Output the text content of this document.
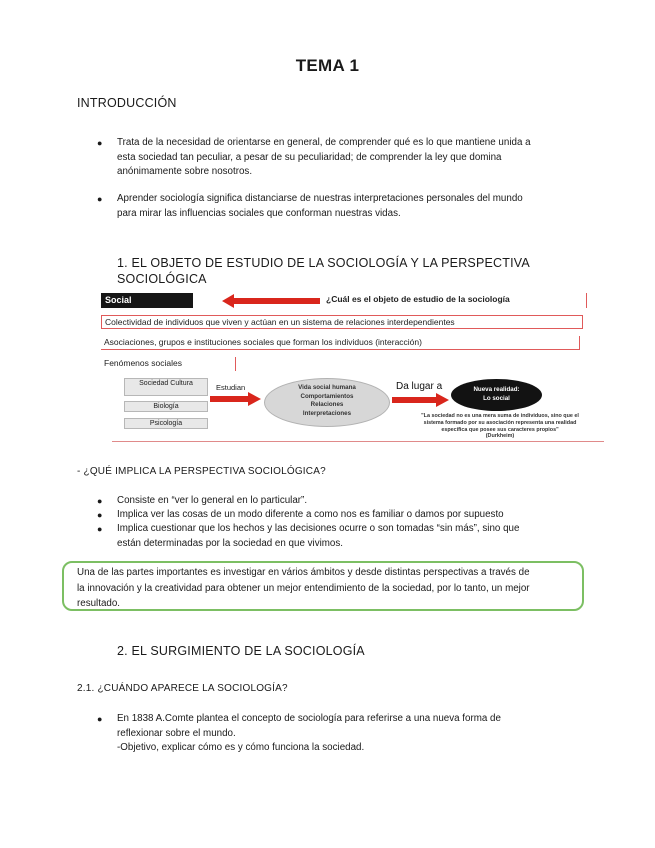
TEMA 1
INTRODUCCIÓN
● Trata de la necesidad de orientarse en general, de comprender qué es lo que mantiene unida a
esta sociedad tan peculiar, a pesar de su peculiaridad; de comprender la ley que domina
anónimamente sobre nosotros.
● Aprender sociología significa distanciarse de nuestras interpretaciones personales del mundo
para mirar las influencias sociales que conforman nuestras vidas.
1. EL OBJETO DE ESTUDIO DE LA SOCIOLOGÍA Y LA PERSPECTIVA
SOCIOLÓGICA
Social	¿Cuál es el objeto de estudio de la sociología
Colectividad de individuos que viven y actúan en un sistema de relaciones interdependientes
Asociaciones, grupos e instituciones sociales que forman los individuos (interacción)
Fenómenos sociales
Sociedad Cultura
Biología
Psicología
Estudian	Vida social humana
Comportamientos
Relaciones
Interpretaciones
Da lugar a	Nueva realidad:
Lo social
"La sociedad no es una mera suma de individuos, sino que el
sistema formado por su asociación representa una realidad
específica que posee sus caracteres propios"
(Durkheim)
- ¿QUÉ IMPLICA LA PERSPECTIVA SOCIOLÓGICA?
● Consiste en “ver lo general en lo particular”.
● Implica ver las cosas de un modo diferente a como nos es familiar o damos por supuesto
● Implica cuestionar que los hechos y las decisiones ocurre o son tomadas “sin más”, sino que
están determinadas por la sociedad en que vivimos.
Una de las partes importantes es investigar en vários ámbitos y desde distintas perspectivas a través de
la innovación y la creatividad para obtener un mejor entendimiento de la sociedad, por lo tanto, un mejor
resultado.
2. EL SURGIMIENTO DE LA SOCIOLOGÍA
2.1. ¿CUÁNDO APARECE LA SOCIOLOGÍA?
● En 1838 A.Comte plantea el concepto de sociología para referirse a una nueva forma de
reflexionar sobre el mundo.
-Objetivo, explicar cómo es y cómo funciona la sociedad.
